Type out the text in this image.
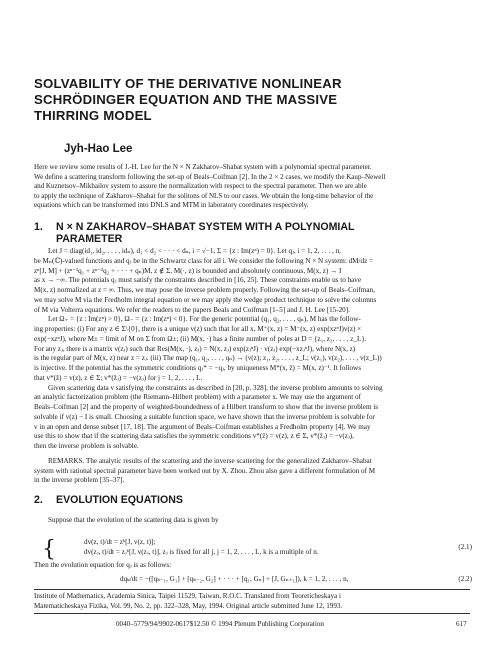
SOLVABILITY OF THE DERIVATIVE NONLINEAR
SCHRÖDINGER EQUATION AND THE MASSIVE
THIRRING MODEL
Jyh-Hao Lee
Here we review some results of J.-H. Lee for the N × N Zakharov–Shabat system with a polynomial spectral parameter.
We define a scattering transform following the set-up of Beals–Coifman [2]. In the 2 × 2 cases, we modify the Kaup–Newell
and Kuznetsov–Mikhailov system to assure the normalization with respect to the spectral parameter. Then we are able
to apply the technique of Zakharov–Shabat for the solitons of NLS to our cases. We obtain the long-time behavior of the
equations which can be transformed into DNLS and MTM in laboratory coordinates respectively.
1. N × N ZAKHAROV–SHABAT SYSTEM WITH A POLYNOMIAL
PARAMETER
Let J = diag(id₁, id₂, . . . , idₙ), d₁ < d₂ < · · · < dₙ, i = √−1, Σ = {z : Im(zⁿ) = 0}. Let qⱼ, i = 1, 2, . . . , n,
be Mₙ(ℂ)-valued functions and qⱼ be in the Schwartz class for all i. We consider the following N × N system: dM/dz =
zⁿ[J, M] + (zⁿ⁻¹q₁ + zⁿ⁻²q₂ + · · · + qₙ)M, z ∉ Σ, M(·, z) is bounded and absolutely continuous, M(x, z) → I
as x → −∞. The potentials qⱼ must satisfy the constraints described in [16, 25]. These constraints enable us to have
M(x, z) normalized at z = ∞. Thus, we may pose the inverse problem properly. Following the set-up of Beals–Coifman,
we may solve M via the Fredholm integral equation or we may apply the wedge product technique to solve the columns
of M via Volterra equations. We refer the readers to the papers Beals and Coifman [1–5] and J. H. Lee [15-20].
Let Ω₊ = {z : Im(zⁿ) > 0}, Ω₋ = {z : Im(zⁿ) < 0}. For the generic potential (q₁, q₂, . . . , qₙ), M has the follow-
ing properties: (i) For any z ∈ Σ\{0}, there is a unique v(z) such that for all x, M⁺(x, z) = M⁻(x, z) exp(xzⁿJ)v(z) ×
exp(−xzⁿJ), where M± = limit of M on Σ from Ω±; (ii) M(x, ·) has a finite number of poles at D = {z₁, z₂, . . . , z_L}.
For any zⱼ, there is a matrix v(zⱼ) such that Res(M(x, ·), zⱼ) = N(x, zⱼ) exp(zⱼⁿJ) · v(zⱼ) exp(−xzⱼⁿJ), where N(x, z)
is the regular part of M(x, z) near z = zⱼ. (iii) The map (q₁, q₂, . . . , qₙ) → (v(z); z₁, z₂, . . . , z_L; v(z₁), v(z₂), . . . , v(z_L))
is injective. If the potential has the symmetric conditions qⱼ* = −qⱼ, by uniqueness M*(x, z̄) = M(x, z)⁻¹. It follows
that v*(z̄) = v(z), z ∈ Σ; v*(z̄ⱼ) = −v(zⱼ) for j = 1, 2, . . . , L.
Given scattering data v satisfying the constraints as described in [20, p. 328], the inverse problem amounts to solving
an analytic factorization problem (the Riemann–Hilbert problem) with a parameter x. We may use the argument of
Beals–Coifman [2] and the property of weighted-boundedness of a Hilbert transform to show that the inverse problem is
solvable if v(z) − I is small. Choosing a suitable function space, we have shown that the inverse problem is solvable for
v in an open and dense subset [17, 18]. The argument of Beals–Coifman establishes a Fredholm property [4]. We may
use this to show that if the scattering data satisfies the symmetric conditions v*(z̄) = v(z), z ∈ Σ, v*(z̄ⱼ) = −v(zⱼ),
then the inverse problem is solvable.
REMARKS. The analytic results of the scattering and the inverse scattering for the generalized Zakharov–Shabat
system with rational spectral parameter have been worked out by X. Zhou. Zhou also gave a different formulation of M
in the inverse problem [35–37].
2. EVOLUTION EQUATIONS
Suppose that the evolution of the scattering data is given by
{	dv(z, t)/dt = zᵏ[J, v(z, t)];
dv(zⱼ, t)/dt = zⱼᵏ[J, v(zⱼ, t)], zⱼ is fixed for all j, j = 1, 2, . . . , L, k is a multiple of n.
(2.1)
Then the evolution equation for qⱼ is as follows:
dqₖ/dt = −([qₖ₋₁, G₁] + [qₖ₋₂, G₂] + · · · + [q₁, Gₙ] + [J, Gₙ₊₁]), k = 1, 2, . . . , n,	(2.2)
Institute of Mathematics, Academia Sinica, Taipei 11529, Taiwan, R.O.C. Translated from Teoreticheskaya i
Matematicheskaya Fizika, Vol. 99, No. 2, pp. 322–328, May, 1994. Original article submitted June 12, 1993.
0040–5779/94/9902-0617$12.50 © 1994 Plenum Publishing Corporation	617
